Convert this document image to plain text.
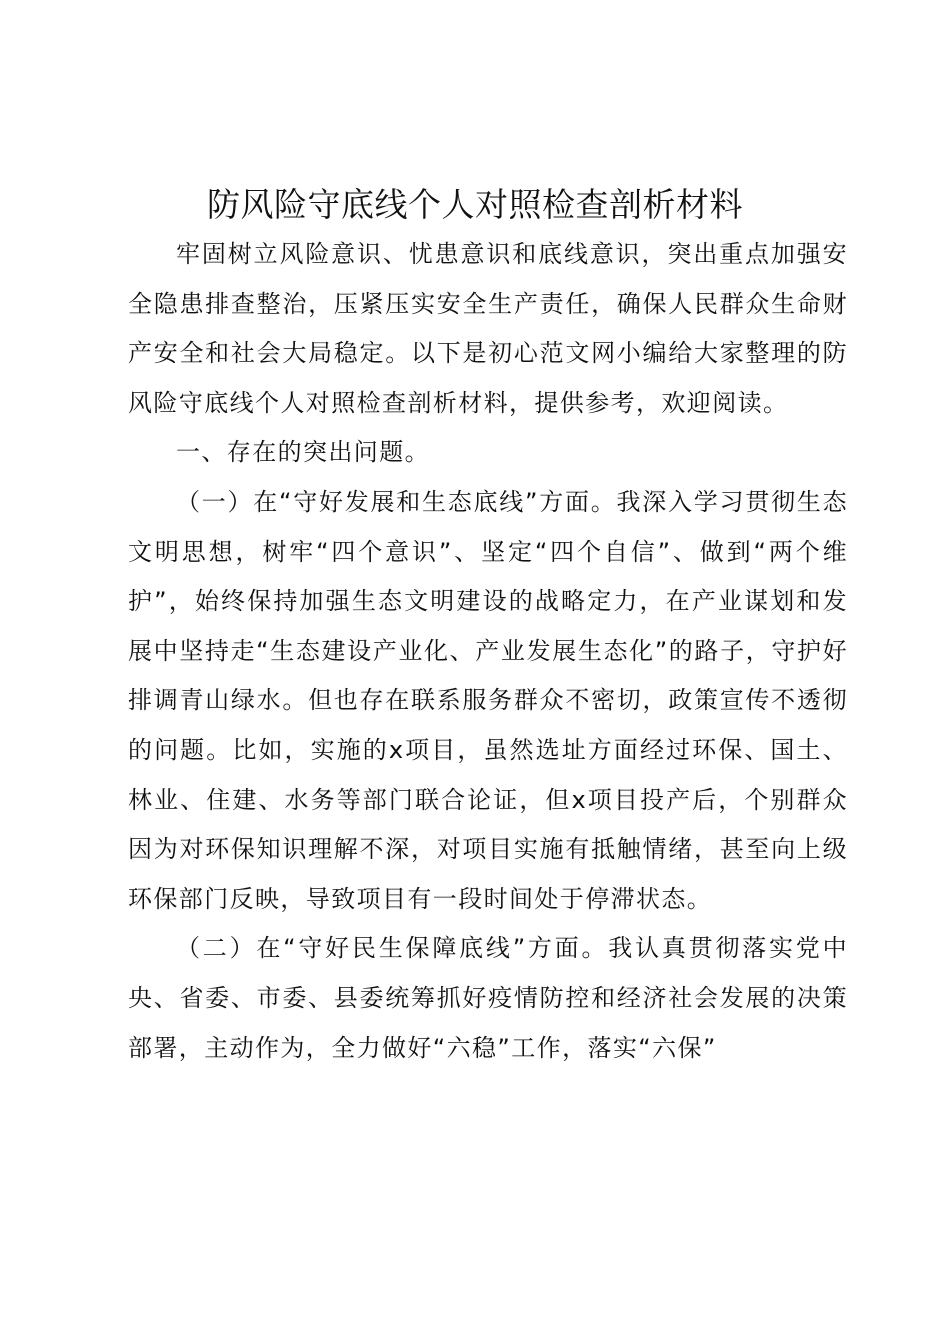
防风险守底线个人对照检查剖析材料

牢固树立风险意识、忧患意识和底线意识，突出重点加强安全隐患排查整治，压紧压实安全生产责任，确保人民群众生命财产安全和社会大局稳定。以下是初心范文网小编给大家整理的防风险守底线个人对照检查剖析材料，提供参考，欢迎阅读。

一、存在的突出问题。

（一）在“守好发展和生态底线”方面。我深入学习贯彻生态文明思想，树牢“四个意识”、坚定“四个自信”、做到“两个维护”，始终保持加强生态文明建设的战略定力，在产业谋划和发展中坚持走“生态建设产业化、产业发展生态化”的路子，守护好排调青山绿水。但也存在联系服务群众不密切，政策宣传不透彻的问题。比如，实施的x项目，虽然选址方面经过环保、国土、林业、住建、水务等部门联合论证，但x项目投产后，个别群众因为对环保知识理解不深，对项目实施有抵触情绪，甚至向上级环保部门反映，导致项目有一段时间处于停滞状态。

（二）在“守好民生保障底线”方面。我认真贯彻落实党中央、省委、市委、县委统筹抓好疫情防控和经济社会发展的决策部署，主动作为，全力做好“六稳”工作，落实“六保”
